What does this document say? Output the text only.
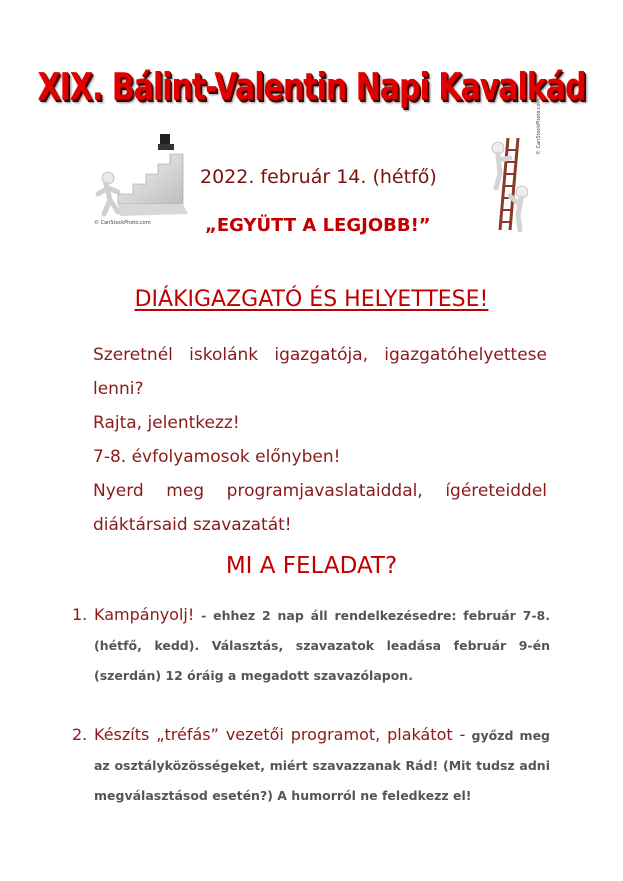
XIX. Bálint-Valentin Napi Kavalkád
© CanStockPhoto.com
© CanStockPhoto.com
2022. február 14. (hétfő)
„EGYÜTT A LEGJOBB!”
DIÁKIGAZGATÓ ÉS HELYETTESE!

Szeretnél iskolánk igazgatója, igazgatóhelyettese

lenni?

Rajta, jelentkezz!

7-8. évfolyamosok előnyben!

Nyerd meg programjavaslataiddal, ígéreteiddel

diáktársaid szavazatát!

MI A FELADAT?
1. Kampányolj! - ehhez 2 nap áll rendelkezésedre: február 7-8. (hétfő, kedd). Választás, szavazatok leadása február 9-én (szerdán) 12 óráig a megadott szavazólapon.
2. Készíts „tréfás” vezetői programot, plakátot - győzd meg az osztályközösségeket, miért szavazzanak Rád! (Mit tudsz adni megválasztásod esetén?) A humorról ne feledkezz el!
